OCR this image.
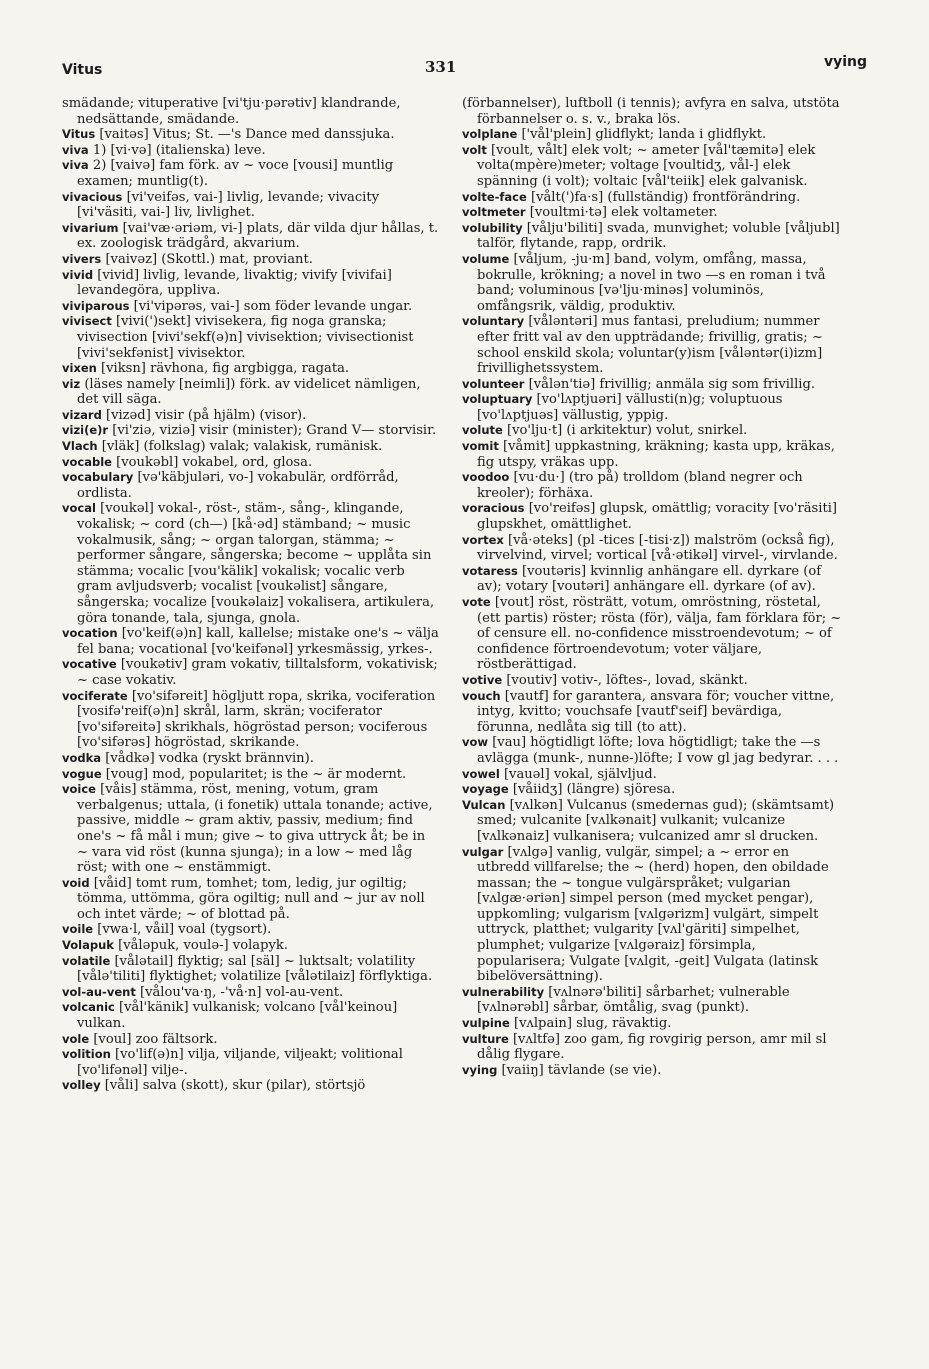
Vitus	331	vying

smädande; vituperative [vi'tju·pərətiv] klandrande, nedsättande, smädande.

Vitus [vaitəs] Vitus; St. —'s Dance med danssjuka.

viva 1) [vi·və] (italienska) leve.

viva 2) [vaivə] fam förk. av ~ voce [vousi] muntlig examen; muntlig(t).

vivacious [vi'veifəs, vai-] livlig, levande; vivacity [vi'väsiti, vai-] liv, livlighet.

vivarium [vai'væ·əriəm, vi-] plats, där vilda djur hållas, t. ex. zoologisk trädgård, akvarium.

vivers [vaivəz] (Skottl.) mat, proviant.

vivid [vivid] livlig, levande, livaktig; vivify [vivifai] levandegöra, uppliva.

viviparous [vi'vipərəs, vai-] som föder levande ungar.

vivisect [vivi(')sekt] vivisekera, fig noga granska; vivisection [vivi'sekf(ə)n] vivisektion; vivisectionist [vivi'sekfənist] vivisektor.

vixen [viksn] rävhona, fig argbigga, ragata.

viz (läses namely [neimli]) förk. av videlicet nämligen, det vill säga.

vizard [vizəd] visir (på hjälm) (visor).

vizi(e)r [vi'ziə, viziə] visir (minister); Grand V— storvisir.

Vlach [vläk] (folkslag) valak; valakisk, rumänisk.

vocable [voukəbl] vokabel, ord, glosa.

vocabulary [və'käbjuləri, vo-] vokabulär, ordförråd, ordlista.

vocal [voukəl] vokal-, röst-, stäm-, sång-, klingande, vokalisk; ~ cord (ch—) [kå·əd] stämband; ~ music vokalmusik, sång; ~ organ talorgan, stämma; ~ performer sångare, sångerska; become ~ upplåta sin stämma; vocalic [vou'kälik] vokalisk; vocalic verb gram avljudsverb; vocalist [voukəlist] sångare, sångerska; vocalize [voukəlaiz] vokalisera, artikulera, göra tonande, tala, sjunga, gnola.

vocation [vo'keif(ə)n] kall, kallelse; mistake one's ~ välja fel bana; vocational [vo'keifənəl] yrkesmässig, yrkes-.

vocative [voukətiv] gram vokativ, tilltalsform, vokativisk; ~ case vokativ.

vociferate [vo'sifəreit] högljutt ropa, skrika, vociferation [vosifə'reif(ə)n] skrål, larm, skrän; vociferator [vo'sifəreitə] skrikhals, högröstad person; vociferous [vo'sifərəs] högröstad, skrikande.

vodka [vådkə] vodka (ryskt brännvin).

vogue [voug] mod, popularitet; is the ~ är modernt.

voice [våis] stämma, röst, mening, votum, gram verbalgenus; uttala, (i fonetik) uttala tonande; active, passive, middle ~ gram aktiv, passiv, medium; find one's ~ få mål i mun; give ~ to giva uttryck åt; be in ~ vara vid röst (kunna sjunga); in a low ~ med låg röst; with one ~ enstämmigt.

void [våid] tomt rum, tomhet; tom, ledig, jur ogiltig; tömma, uttömma, göra ogiltig; null and ~ jur av noll och intet värde; ~ of blottad på.

voile [vwa·l, våil] voal (tygsort).

Volapuk [våləpuk, voulə-] volapyk.

volatile [vålətail] flyktig; sal [säl] ~ luktsalt; volatility [vålə'tiliti] flyktighet; volatilize [vålətilaiz] förflyktiga.

vol-au-vent [vålou'va·ŋ, -'vå·n] vol-au-vent.

volcanic [vål'känik] vulkanisk; volcano [vål'keinou] vulkan.

vole [voul] zoo fältsork.

volition [vo'lif(ə)n] vilja, viljande, viljeakt; volitional [vo'lifənəl] vilje-.

volley [våli] salva (skott), skur (pilar), störtsjö

(förbannelser), luftboll (i tennis); avfyra en salva, utstöta förbannelser o. s. v., braka lös.

volplane ['vål'plein] glidflykt; landa i glidflykt.

volt [voult, vålt] elek volt; ~ ameter [vål'tæmitə] elek volta(mpère)meter; voltage [voultidʒ, vål-] elek spänning (i volt); voltaic [vål'teiik] elek galvanisk.

volte-face [vålt(')fa·s] (fullständig) frontförändring.

voltmeter [voultmi·tə] elek voltameter.

volubility [vålju'biliti] svada, munvighet; voluble [våljubl] talför, flytande, rapp, ordrik.

volume [våljum, -ju·m] band, volym, omfång, massa, bokrulle, krökning; a novel in two —s en roman i två band; voluminous [və'lju·minəs] voluminös, omfångsrik, väldig, produktiv.

voluntary [våləntəri] mus fantasi, preludium; nummer efter fritt val av den uppträdande; frivillig, gratis; ~ school enskild skola; voluntar(y)ism [våləntər(i)izm] frivillighetssystem.

volunteer [vålən'tiə] frivillig; anmäla sig som frivillig.

voluptuary [vo'lʌptjuəri] vällusti(n)g; voluptuous [vo'lʌptjuəs] vällustig, yppig.

volute [vo'lju·t] (i arkitektur) volut, snirkel.

vomit [våmit] uppkastning, kräkning; kasta upp, kräkas, fig utspy, vräkas upp.

voodoo [vu·du·] (tro på) trolldom (bland negrer och kreoler); förhäxa.

voracious [vo'reifəs] glupsk, omättlig; voracity [vo'räsiti] glupskhet, omättlighet.

vortex [vå·əteks] (pl -tices [-tisi·z]) malström (också fig), virvelvind, virvel; vortical [vå·ətikəl] virvel-, virvlande.

votaress [voutəris] kvinnlig anhängare ell. dyrkare (of av); votary [voutəri] anhängare ell. dyrkare (of av).

vote [vout] röst, rösträtt, votum, omröstning, röstetal, (ett partis) röster; rösta (för), välja, fam förklara för; ~ of censure ell. no-confidence misstroendevotum; ~ of confidence förtroendevotum; voter väljare, röstberättigad.

votive [voutiv] votiv-, löftes-, lovad, skänkt.

vouch [vautf] for garantera, ansvara för; voucher vittne, intyg, kvitto; vouchsafe [vautf'seif] bevärdiga, förunna, nedlåta sig till (to att).

vow [vau] högtidligt löfte; lova högtidligt; take the —s avlägga (munk-, nunne-)löfte; I vow gl jag bedyrar. . . .

vowel [vauəl] vokal, självljud.

voyage [våiidʒ] (längre) sjöresa.

Vulcan [vʌlkən] Vulcanus (smedernas gud); (skämtsamt) smed; vulcanite [vʌlkənait] vulkanit; vulcanize [vʌlkənaiz] vulkanisera; vulcanized amr sl drucken.

vulgar [vʌlgə] vanlig, vulgär, simpel; a ~ error en utbredd villfarelse; the ~ (herd) hopen, den obildade massan; the ~ tongue vulgärspråket; vulgarian [vʌlgæ·əriən] simpel person (med mycket pengar), uppkomling; vulgarism [vʌlgərizm] vulgärt, simpelt uttryck, platthet; vulgarity [vʌl'gäriti] simpelhet, plumphet; vulgarize [vʌlgəraiz] försimpla, popularisera; Vulgate [vʌlgit, -geit] Vulgata (latinsk bibelöversättning).

vulnerability [vʌlnərə'biliti] sårbarhet; vulnerable [vʌlnərəbl] sårbar, ömtålig, svag (punkt).

vulpine [vʌlpain] slug, rävaktig.

vulture [vʌltfə] zoo gam, fig rovgirig person, amr mil sl dålig flygare.

vying [vaiiŋ] tävlande (se vie).
